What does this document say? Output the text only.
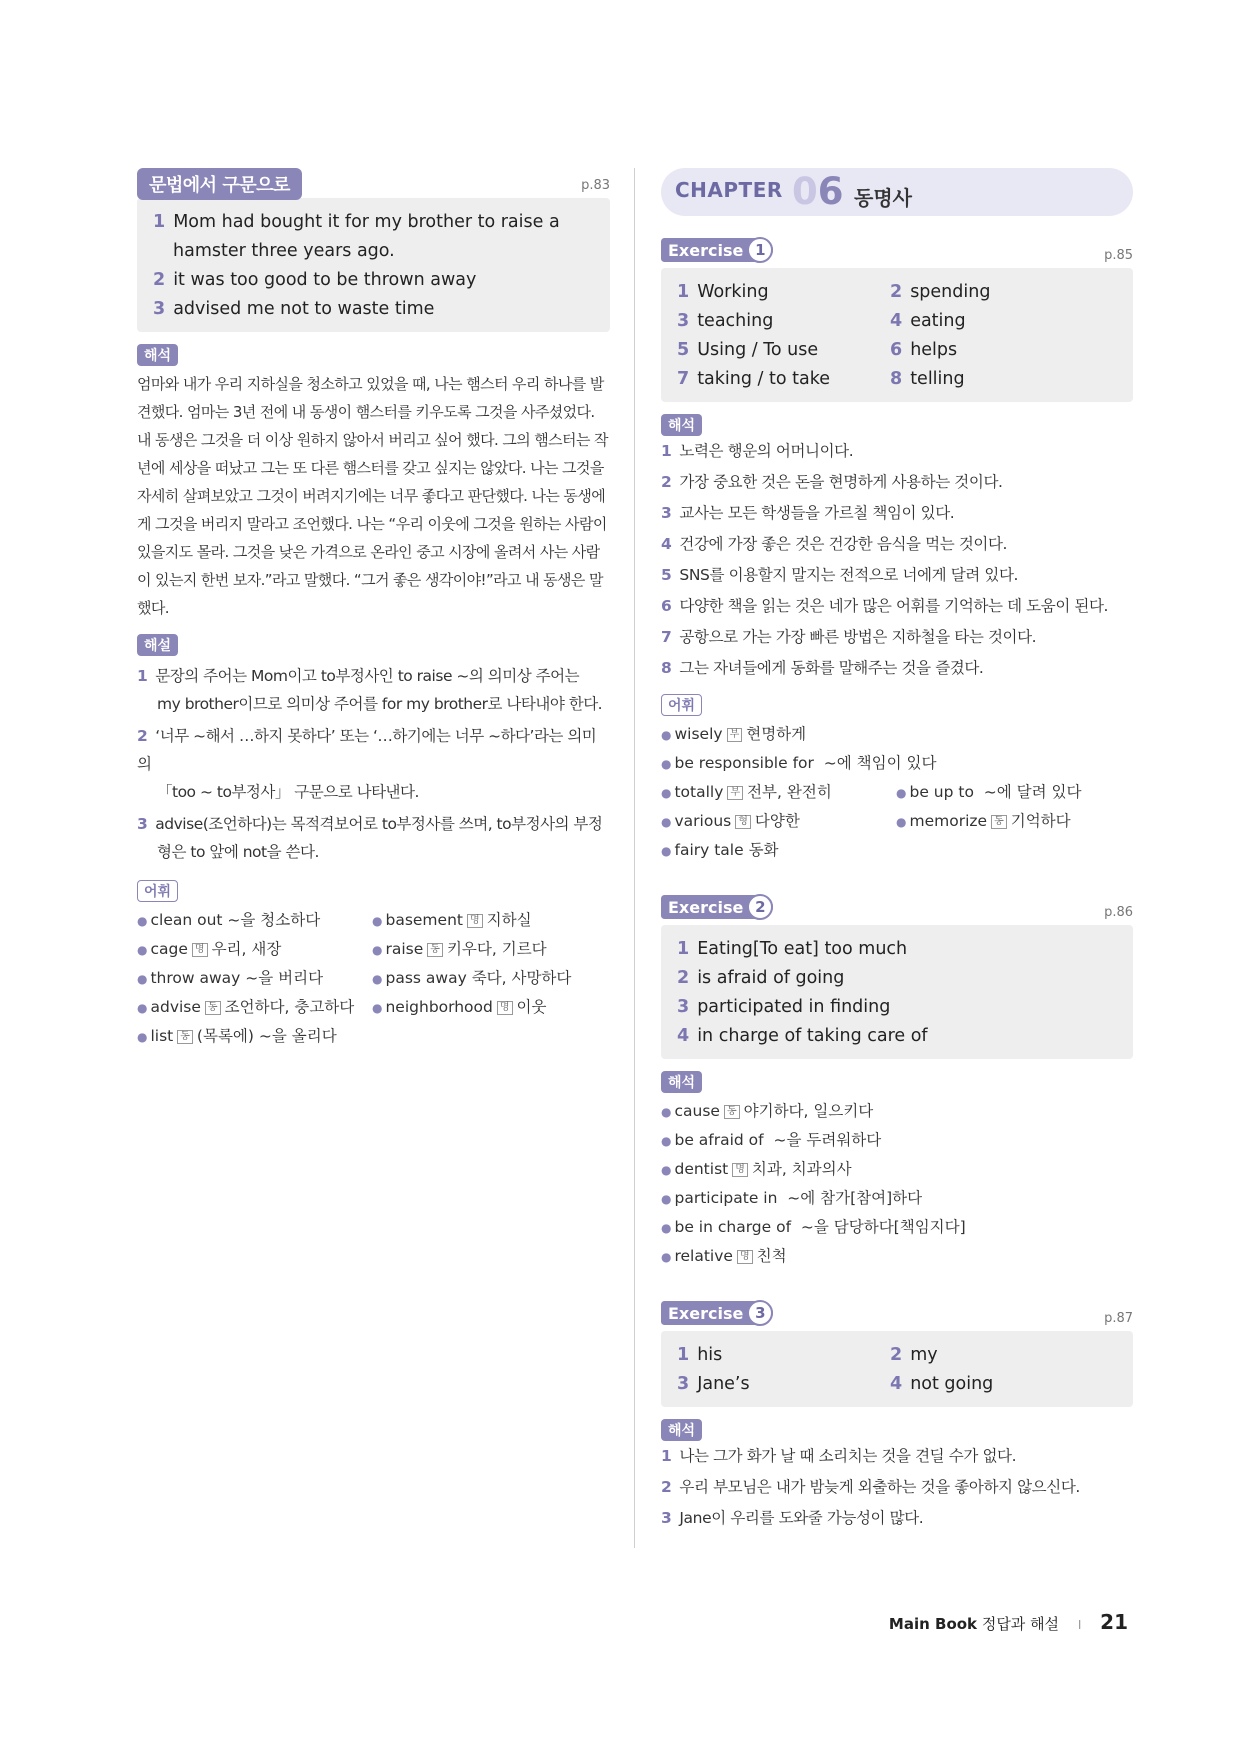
문법에서 구문으로	p.83
1 Mom had bought it for my brother to raise a
hamster three years ago.
2 it was too good to be thrown away
3 advised me not to waste time
해석
엄마와 내가 우리 지하실을 청소하고 있었을 때, 나는 햄스터 우리 하나를 발견했다. 엄마는 3년 전에 내 동생이 햄스터를 키우도록 그것을 사주셨었다. 내 동생은 그것을 더 이상 원하지 않아서 버리고 싶어 했다. 그의 햄스터는 작년에 세상을 떠났고 그는 또 다른 햄스터를 갖고 싶지는 않았다. 나는 그것을 자세히 살펴보았고 그것이 버려지기에는 너무 좋다고 판단했다. 나는 동생에게 그것을 버리지 말라고 조언했다. 나는 “우리 이웃에 그것을 원하는 사람이 있을지도 몰라. 그것을 낮은 가격으로 온라인 중고 시장에 올려서 사는 사람이 있는지 한번 보자.”라고 말했다. “그거 좋은 생각이야!”라고 내 동생은 말했다.
해설
1 문장의 주어는 Mom이고 to부정사인 to raise ~의 의미상 주어는
my brother이므로 의미상 주어를 for my brother로 나타내야 한다.
2 ‘너무 ~해서 …하지 못하다’ 또는 ‘…하기에는 너무 ~하다’라는 의미의
「too ~ to부정사」 구문으로 나타낸다.
3 advise(조언하다)는 목적격보어로 to부정사를 쓰며, to부정사의 부정
형은 to 앞에 not을 쓴다.
어휘
● clean out ~을 청소하다	● basement 명 지하실
● cage 명 우리, 새장	● raise 동 키우다, 기르다
● throw away ~을 버리다	● pass away 죽다, 사망하다
● advise 동 조언하다, 충고하다	● neighborhood 명 이웃
● list 동 (목록에) ~을 올리다
CHAPTER 06 동명사
Exercise 1	p.85
1 Working	2 spending
3 teaching	4 eating
5 Using / To use	6 helps
7 taking / to take	8 telling
해석
1 노력은 행운의 어머니이다.
2 가장 중요한 것은 돈을 현명하게 사용하는 것이다.
3 교사는 모든 학생들을 가르칠 책임이 있다.
4 건강에 가장 좋은 것은 건강한 음식을 먹는 것이다.
5 SNS를 이용할지 말지는 전적으로 너에게 달려 있다.
6 다양한 책을 읽는 것은 네가 많은 어휘를 기억하는 데 도움이 된다.
7 공항으로 가는 가장 빠른 방법은 지하철을 타는 것이다.
8 그는 자녀들에게 동화를 말해주는 것을 즐겼다.
어휘
● wisely 부 현명하게
● be responsible for ~에 책임이 있다
● totally 부 전부, 완전히	● be up to ~에 달려 있다
● various 형 다양한	● memorize 동 기억하다
● fairy tale 동화
Exercise 2	p.86
1 Eating[To eat] too much
2 is afraid of going
3 participated in finding
4 in charge of taking care of
해석
● cause 동 야기하다, 일으키다
● be afraid of ~을 두려워하다
● dentist 명 치과, 치과의사
● participate in ~에 참가[참여]하다
● be in charge of ~을 담당하다[책임지다]
● relative 명 친척
Exercise 3	p.87
1 his	2 my
3 Jane’s	4 not going
해석
1 나는 그가 화가 날 때 소리치는 것을 견딜 수가 없다.
2 우리 부모님은 내가 밤늦게 외출하는 것을 좋아하지 않으신다.
3 Jane이 우리를 도와줄 가능성이 많다.
Main Book 정답과 해설 I 21
